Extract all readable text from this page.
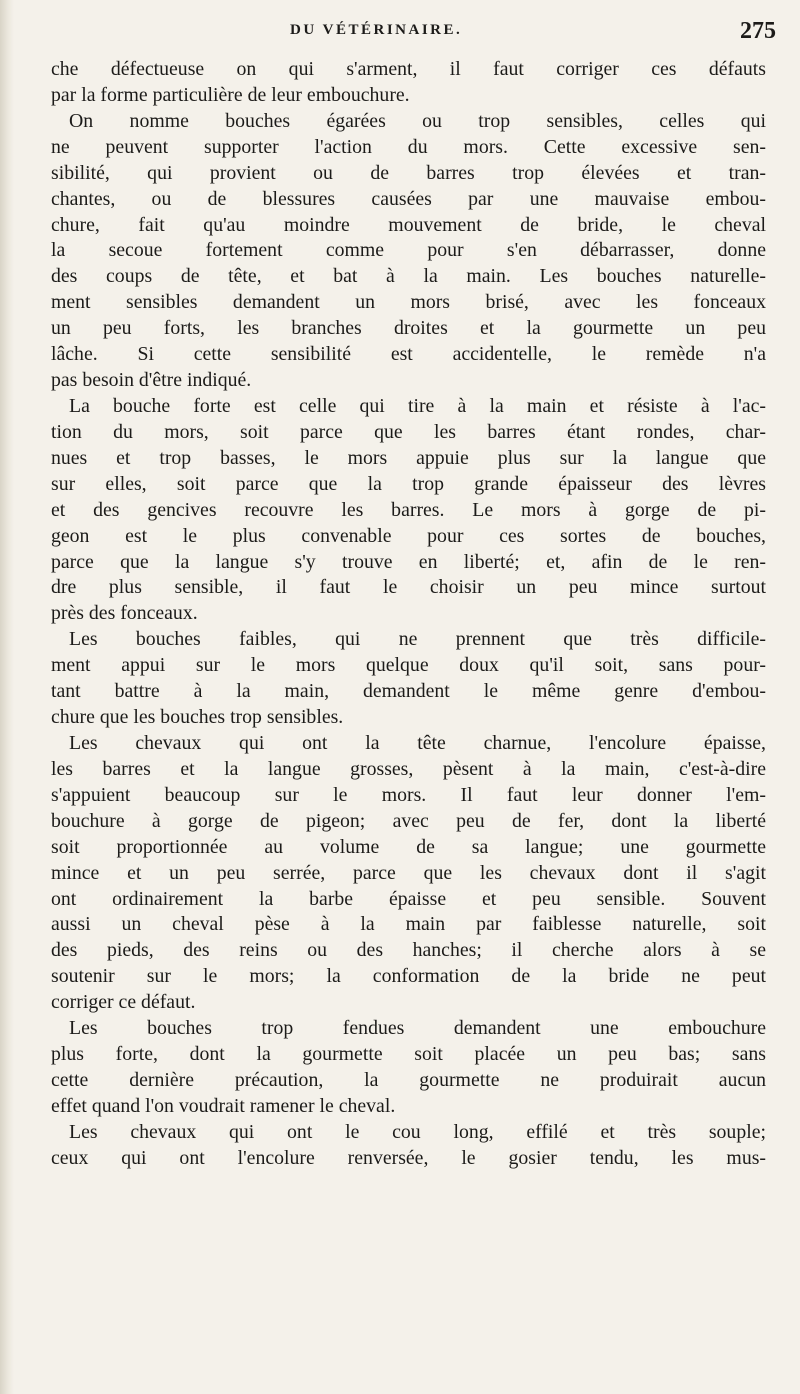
DU VÉTÉRINAIRE.	275
che défectueuse on qui s'arment, il faut corriger ces défauts
par la forme particulière de leur embouchure.
On nomme bouches égarées ou trop sensibles, celles qui
ne peuvent supporter l'action du mors. Cette excessive sen-
sibilité, qui provient ou de barres trop élevées et tran-
chantes, ou de blessures causées par une mauvaise embou-
chure, fait qu'au moindre mouvement de bride, le cheval
la secoue fortement comme pour s'en débarrasser, donne
des coups de tête, et bat à la main. Les bouches naturelle-
ment sensibles demandent un mors brisé, avec les fonceaux
un peu forts, les branches droites et la gourmette un peu
lâche. Si cette sensibilité est accidentelle, le remède n'a
pas besoin d'être indiqué.
La bouche forte est celle qui tire à la main et résiste à l'ac-
tion du mors, soit parce que les barres étant rondes, char-
nues et trop basses, le mors appuie plus sur la langue que
sur elles, soit parce que la trop grande épaisseur des lèvres
et des gencives recouvre les barres. Le mors à gorge de pi-
geon est le plus convenable pour ces sortes de bouches,
parce que la langue s'y trouve en liberté; et, afin de le ren-
dre plus sensible, il faut le choisir un peu mince surtout
près des fonceaux.
Les bouches faibles, qui ne prennent que très difficile-
ment appui sur le mors quelque doux qu'il soit, sans pour-
tant battre à la main, demandent le même genre d'embou-
chure que les bouches trop sensibles.
Les chevaux qui ont la tête charnue, l'encolure épaisse,
les barres et la langue grosses, pèsent à la main, c'est-à-dire
s'appuient beaucoup sur le mors. Il faut leur donner l'em-
bouchure à gorge de pigeon; avec peu de fer, dont la liberté
soit proportionnée au volume de sa langue; une gourmette
mince et un peu serrée, parce que les chevaux dont il s'agit
ont ordinairement la barbe épaisse et peu sensible. Souvent
aussi un cheval pèse à la main par faiblesse naturelle, soit
des pieds, des reins ou des hanches; il cherche alors à se
soutenir sur le mors; la conformation de la bride ne peut
corriger ce défaut.
Les bouches trop fendues demandent une embouchure
plus forte, dont la gourmette soit placée un peu bas; sans
cette dernière précaution, la gourmette ne produirait aucun
effet quand l'on voudrait ramener le cheval.
Les chevaux qui ont le cou long, effilé et très souple;
ceux qui ont l'encolure renversée, le gosier tendu, les mus-
